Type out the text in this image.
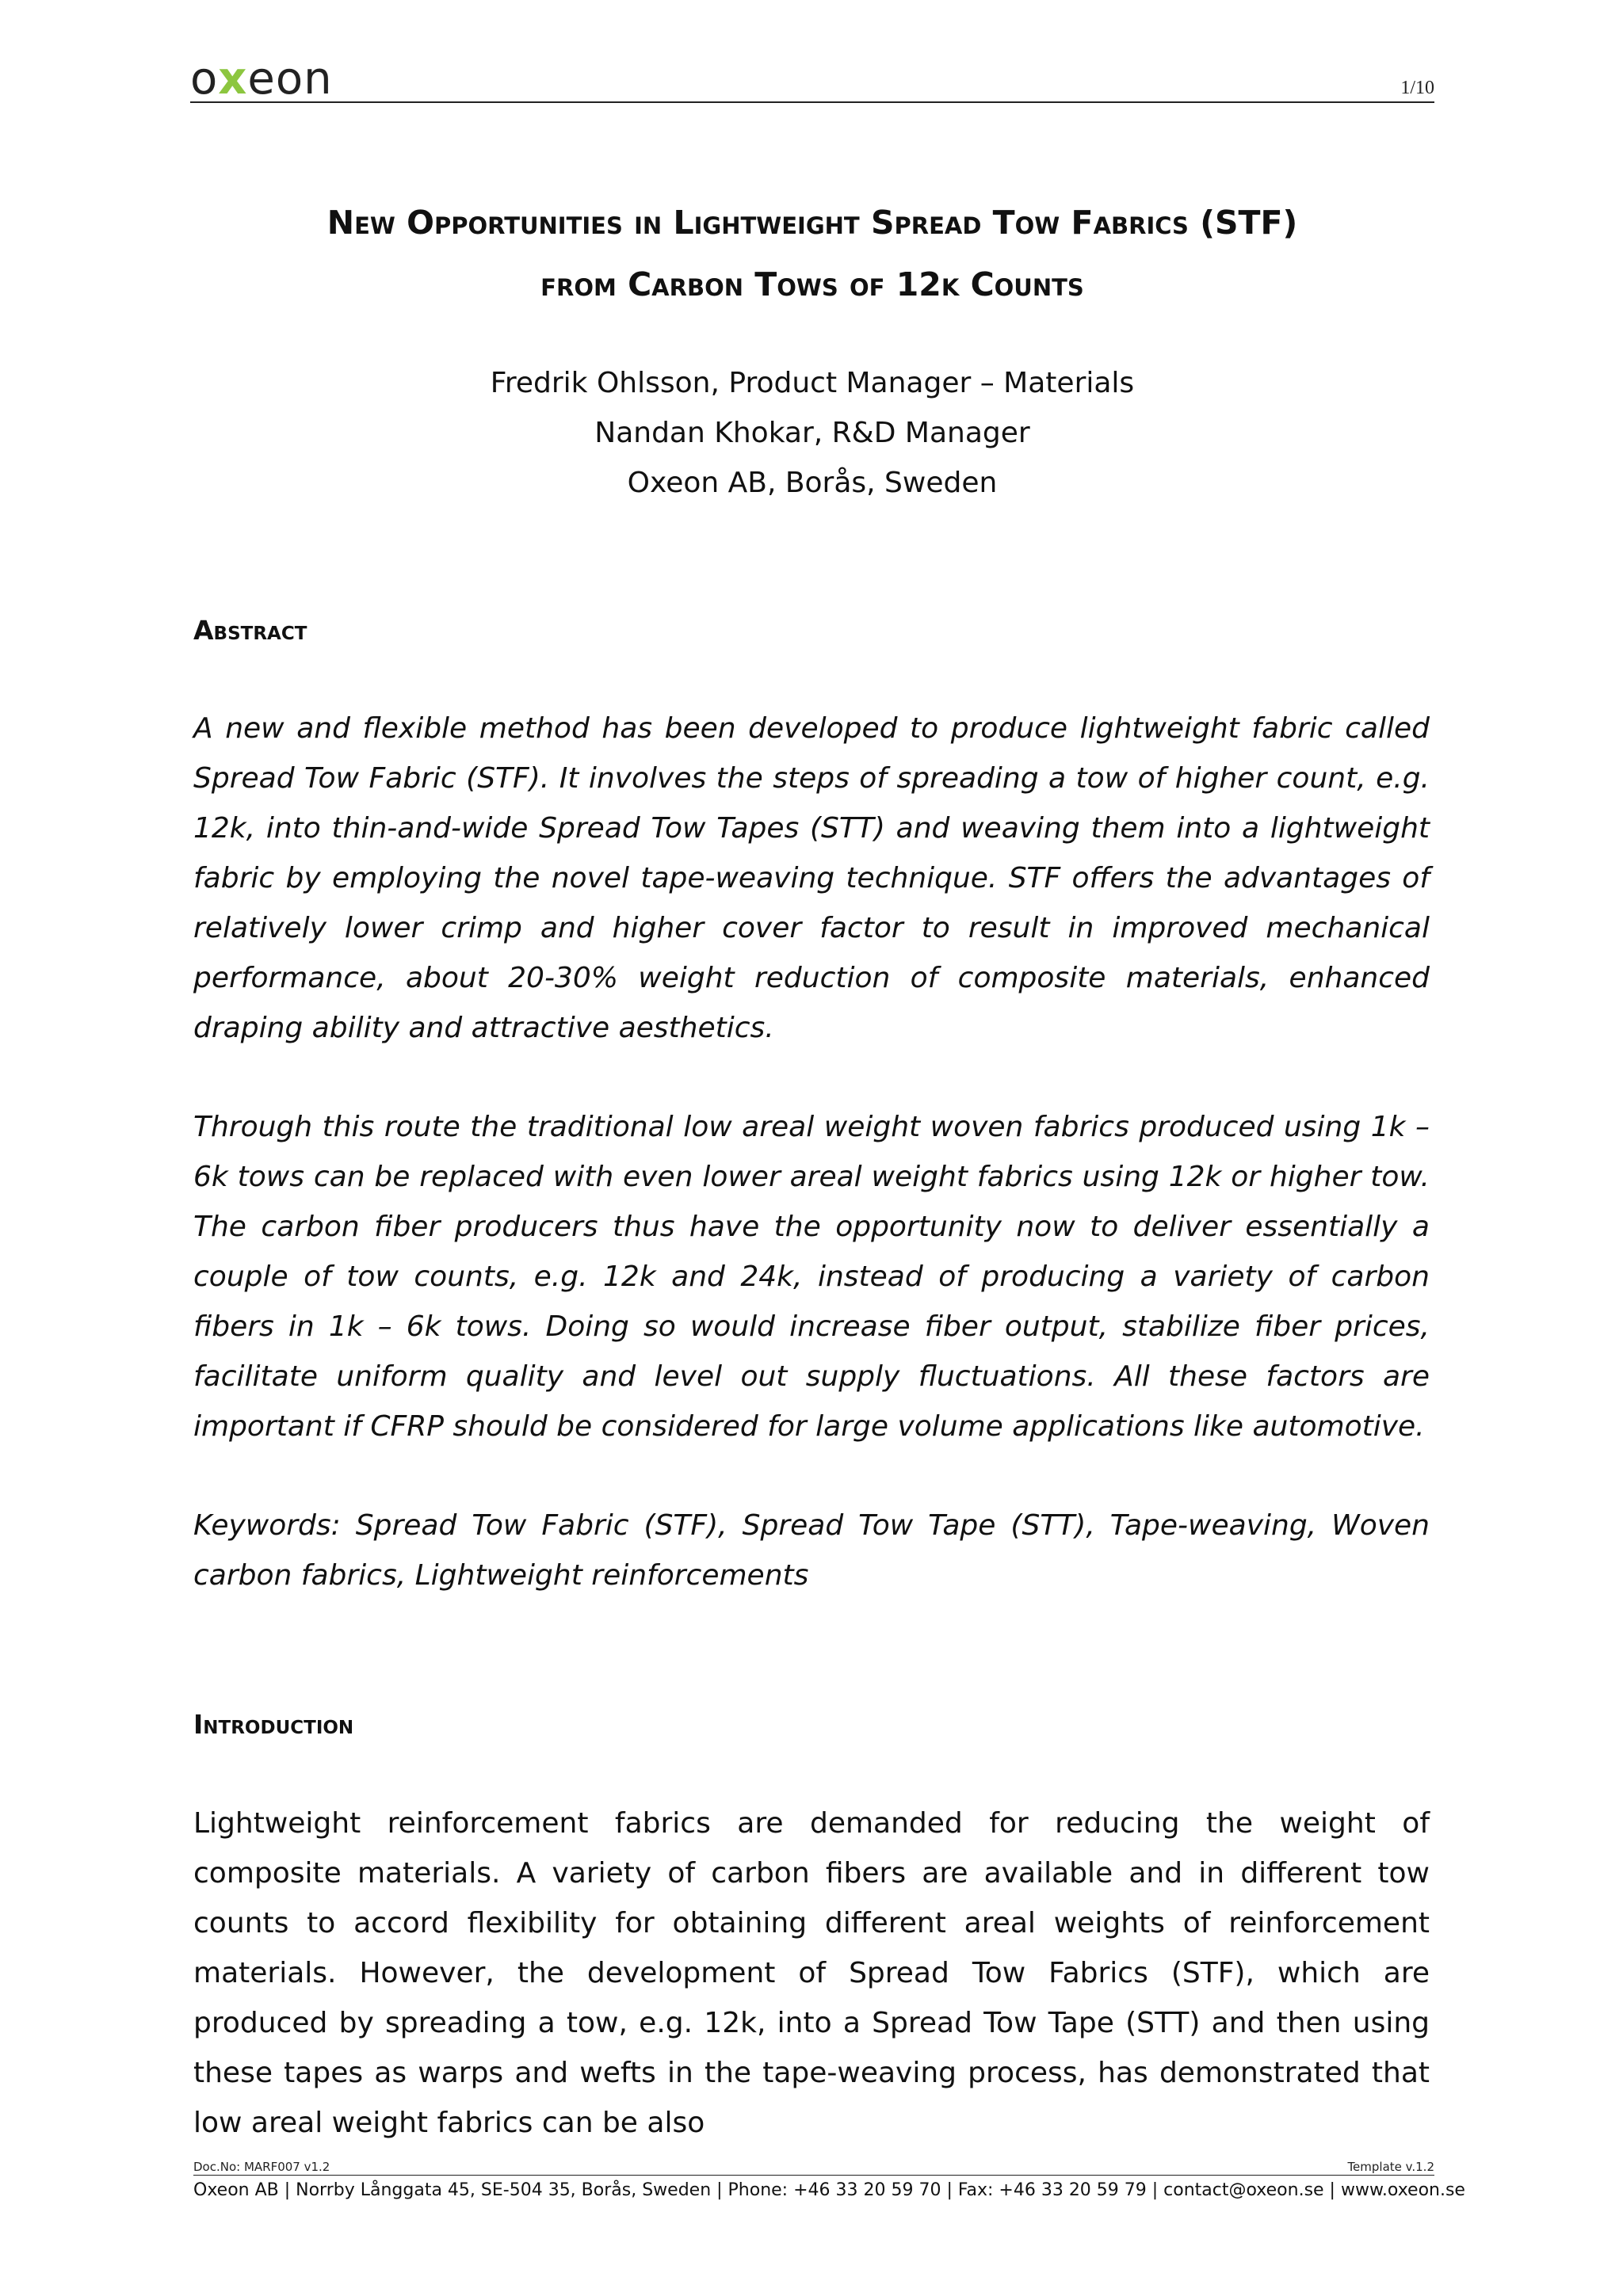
oxeon	1/10
New Opportunities in Lightweight Spread Tow Fabrics (STF)
from Carbon Tows of 12k Counts
Fredrik Ohlsson, Product Manager – Materials
Nandan Khokar, R&D Manager
Oxeon AB, Borås, Sweden
Abstract

A new and flexible method has been developed to produce lightweight fabric called Spread Tow Fabric (STF). It involves the steps of spreading a tow of higher count, e.g. 12k, into thin-and-wide Spread Tow Tapes (STT) and weaving them into a lightweight fabric by employing the novel tape-weaving technique. STF offers the advantages of relatively lower crimp and higher cover factor to result in improved mechanical performance, about 20-30% weight reduction of composite materials, enhanced draping ability and attractive aesthetics.

Through this route the traditional low areal weight woven fabrics produced using 1k – 6k tows can be replaced with even lower areal weight fabrics using 12k or higher tow. The carbon fiber producers thus have the opportunity now to deliver essentially a couple of tow counts, e.g. 12k and 24k, instead of producing a variety of carbon fibers in 1k – 6k tows. Doing so would increase fiber output, stabilize fiber prices, facilitate uniform quality and level out supply fluctuations. All these factors are important if CFRP should be considered for large volume applications like automotive.

Keywords: Spread Tow Fabric (STF), Spread Tow Tape (STT), Tape-weaving, Woven carbon fabrics, Lightweight reinforcements

Introduction

Lightweight reinforcement fabrics are demanded for reducing the weight of composite materials. A variety of carbon fibers are available and in different tow counts to accord flexibility for obtaining different areal weights of reinforcement materials. However, the development of Spread Tow Fabrics (STF), which are produced by spreading a tow, e.g. 12k, into a Spread Tow Tape (STT) and then using these tapes as warps and wefts in the tape-weaving process, has demonstrated that low areal weight fabrics can be also

Doc.No: MARF007 v1.2	Template v.1.2
Oxeon AB | Norrby Långgata 45, SE-504 35, Borås, Sweden | Phone: +46 33 20 59 70 | Fax: +46 33 20 59 79 | contact@oxeon.se | www.oxeon.se
